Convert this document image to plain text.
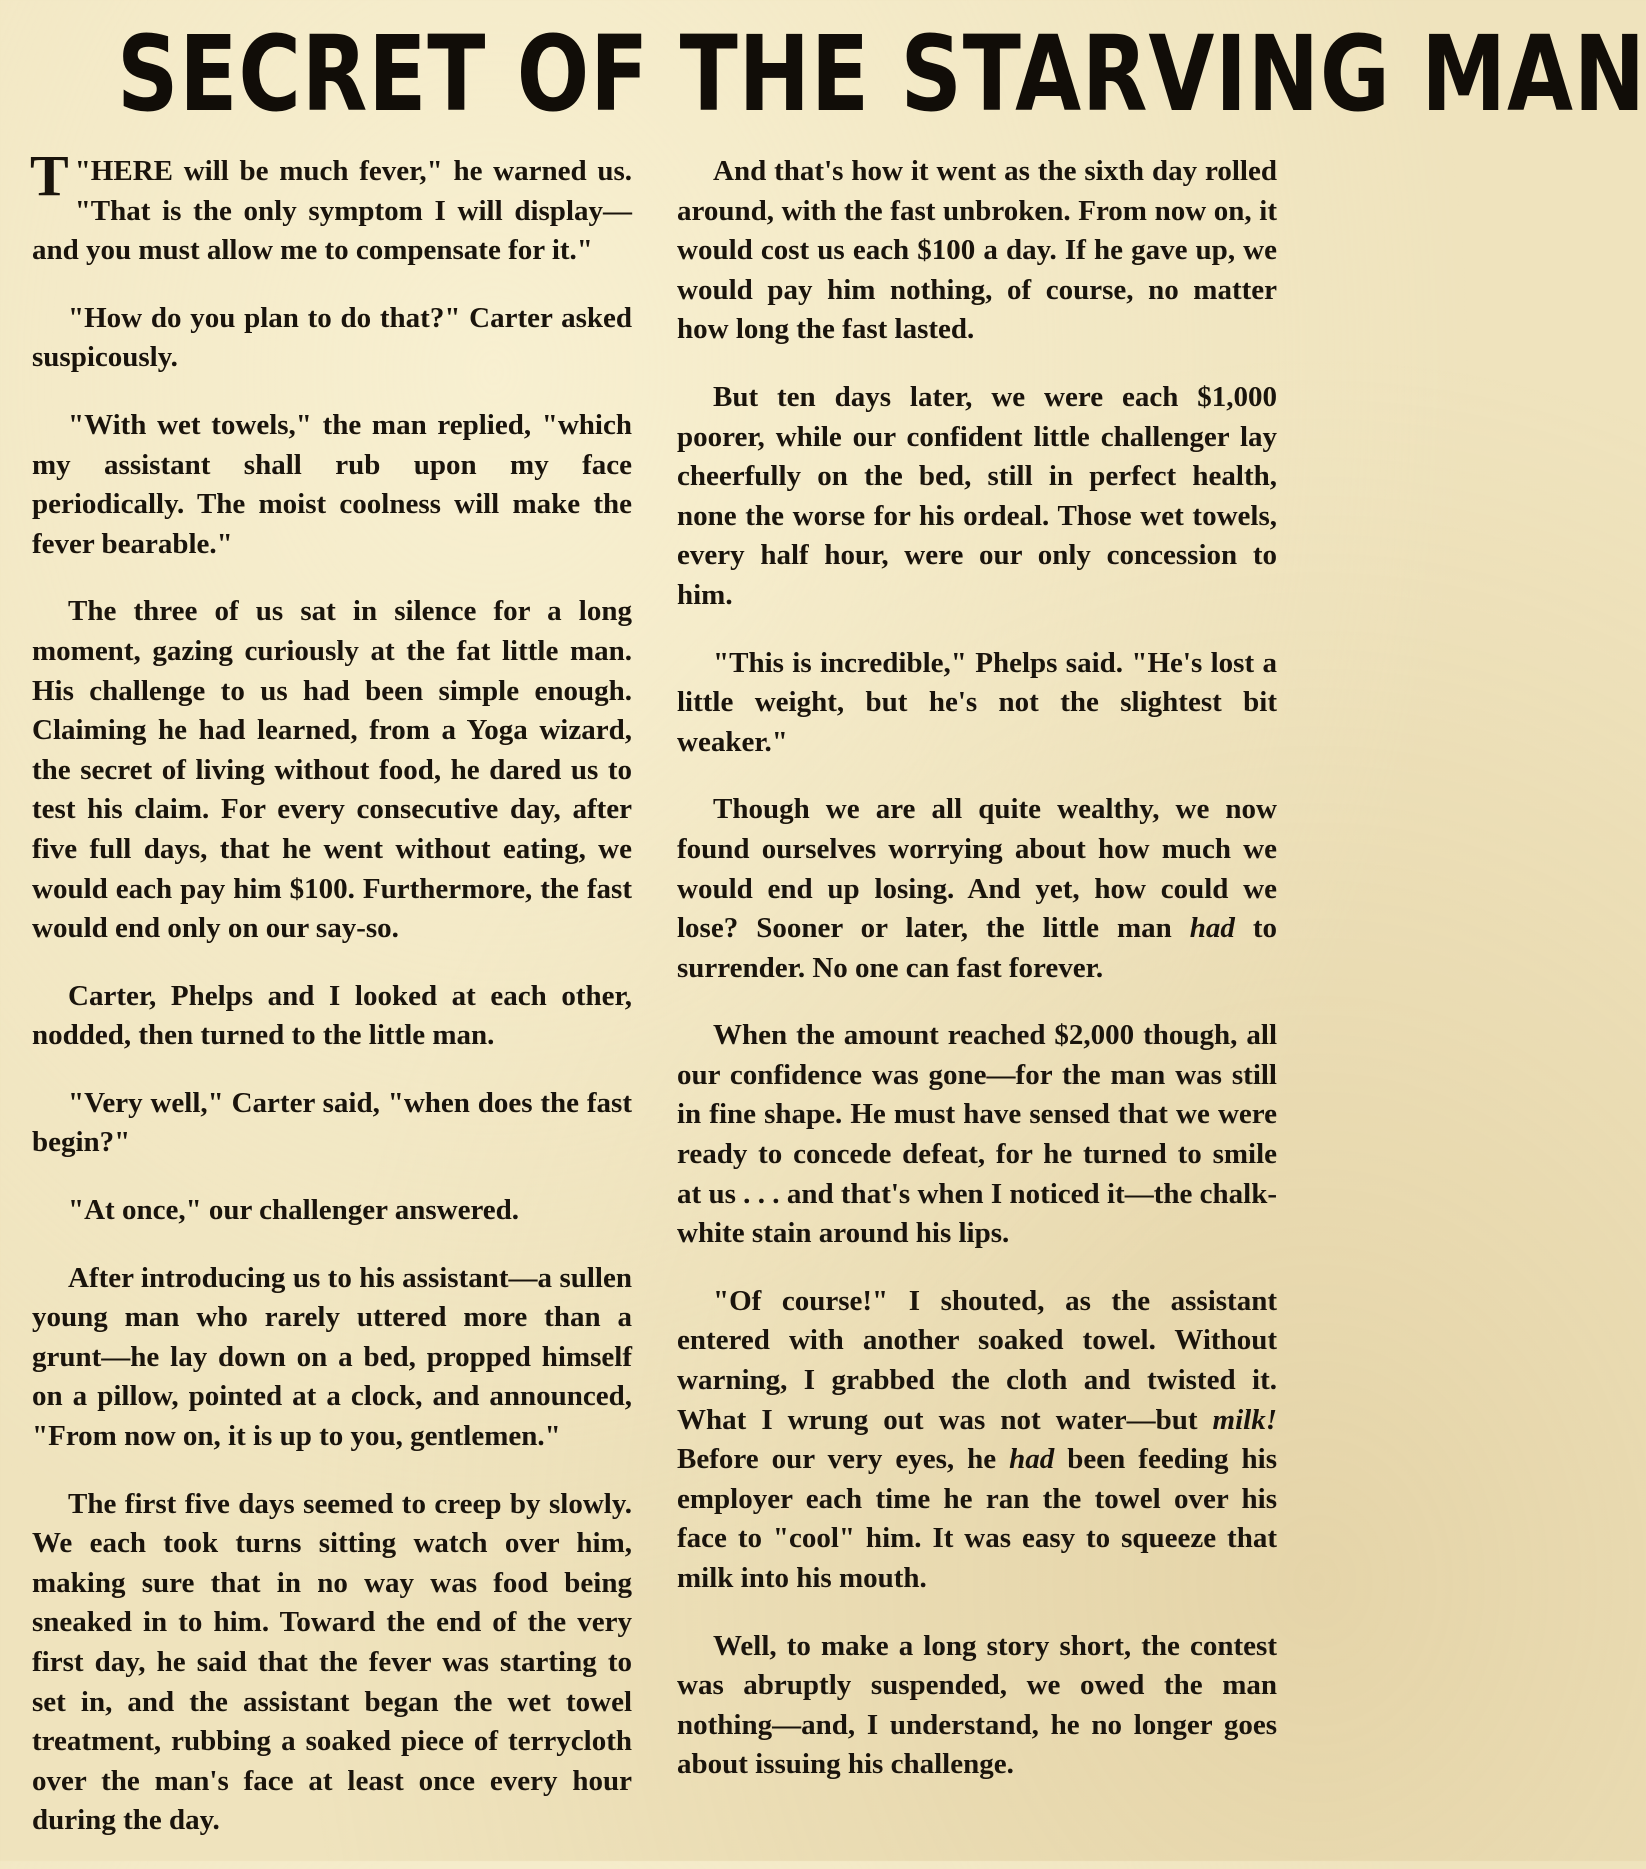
SECRET OF THE STARVING MAN

"
T HERE will be much fever," he warned us. "That is the only symptom I will display—and you must allow me to compensate for it."

"How do you plan to do that?" Carter asked suspicously.

"With wet towels," the man replied, "which my assistant shall rub upon my face periodically. The moist coolness will make the fever bearable."

The three of us sat in silence for a long moment, gazing curiously at the fat little man. His challenge to us had been simple enough. Claiming he had learned, from a Yoga wizard, the secret of living without food, he dared us to test his claim. For every consecutive day, after five full days, that he went without eating, we would each pay him $100. Furthermore, the fast would end only on our say-so.

Carter, Phelps and I looked at each other, nodded, then turned to the little man.

"Very well," Carter said, "when does the fast begin?"

"At once," our challenger answered.

After introducing us to his assistant—a sullen young man who rarely uttered more than a grunt—he lay down on a bed, propped himself on a pillow, pointed at a clock, and announced, "From now on, it is up to you, gentlemen."

The first five days seemed to creep by slowly. We each took turns sitting watch over him, making sure that in no way was food being sneaked in to him. Toward the end of the very first day, he said that the fever was starting to set in, and the assistant began the wet towel treatment, rubbing a soaked piece of terrycloth over the man's face at least once every hour during the day.

And that's how it went as the sixth day rolled around, with the fast unbroken. From now on, it would cost us each $100 a day. If he gave up, we would pay him nothing, of course, no matter how long the fast lasted.

But ten days later, we were each $1,000 poorer, while our confident little challenger lay cheerfully on the bed, still in perfect health, none the worse for his ordeal. Those wet towels, every half hour, were our only concession to him.

"This is incredible," Phelps said. "He's lost a little weight, but he's not the slightest bit weaker."

Though we are all quite wealthy, we now found ourselves worrying about how much we would end up losing. And yet, how could we lose? Sooner or later, the little man had to surrender. No one can fast forever.

When the amount reached $2,000 though, all our confidence was gone—for the man was still in fine shape. He must have sensed that we were ready to concede defeat, for he turned to smile at us . . . and that's when I noticed it—the chalk-white stain around his lips.

"Of course!" I shouted, as the assistant entered with another soaked towel. Without warning, I grabbed the cloth and twisted it. What I wrung out was not water—but milk! Before our very eyes, he had been feeding his employer each time he ran the towel over his face to "cool" him. It was easy to squeeze that milk into his mouth.

Well, to make a long story short, the contest was abruptly suspended, we owed the man nothing—and, I understand, he no longer goes about issuing his challenge.
